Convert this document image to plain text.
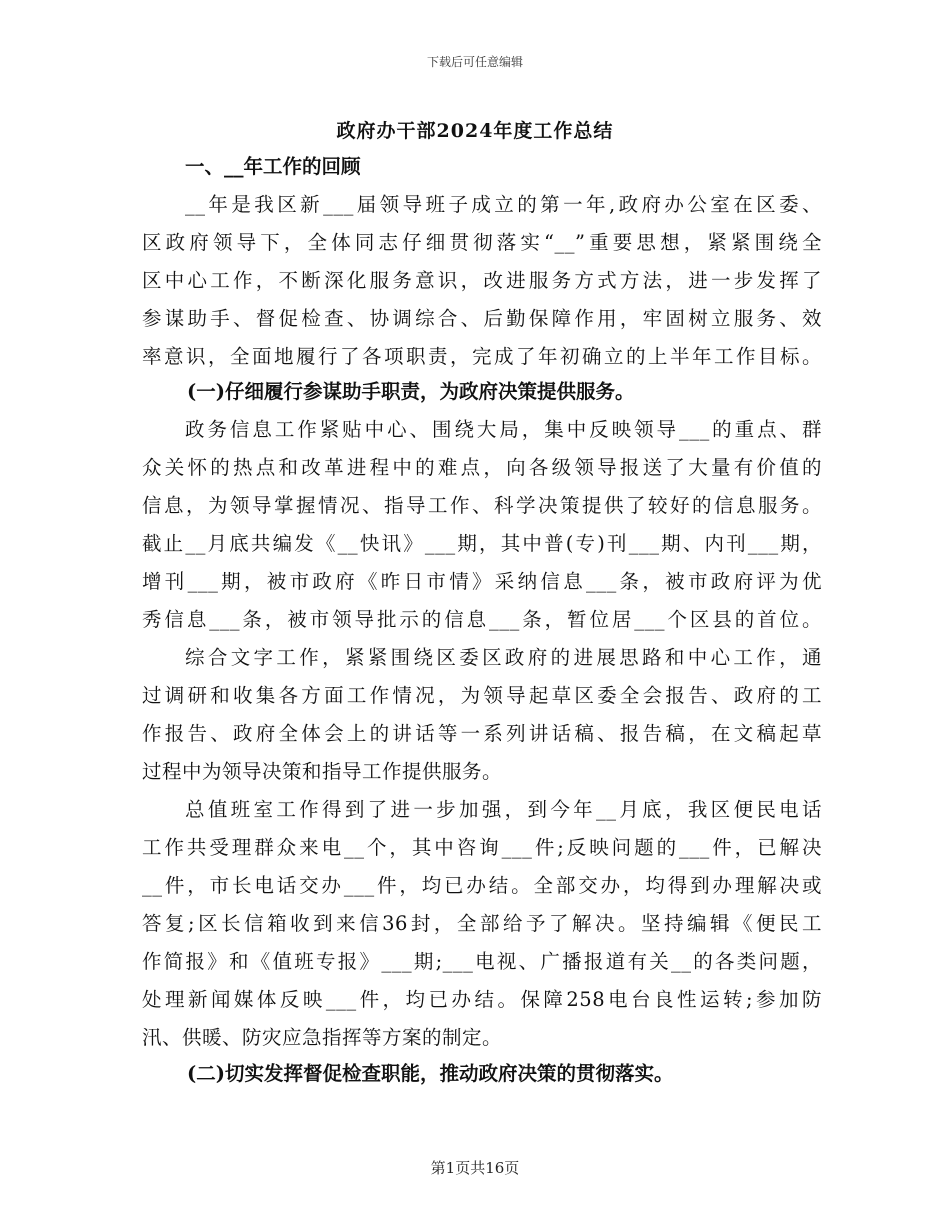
下载后可任意编辑
政府办干部2024年度工作总结
一、__年工作的回顾
__年是我区新___届领导班子成立的第一年,政府办公室在区委、
区政府领导下，全体同志仔细贯彻落实“__”重要思想，紧紧围绕全
区中心工作，不断深化服务意识，改进服务方式方法，进一步发挥了
参谋助手、督促检查、协调综合、后勤保障作用，牢固树立服务、效
率意识，全面地履行了各项职责，完成了年初确立的上半年工作目标。
(一)仔细履行参谋助手职责，为政府决策提供服务。
政务信息工作紧贴中心、围绕大局，集中反映领导___的重点、群
众关怀的热点和改革进程中的难点，向各级领导报送了大量有价值的
信息，为领导掌握情况、指导工作、科学决策提供了较好的信息服务。
截止__月底共编发《__快讯》___期，其中普(专)刊___期、内刊___期，
增刊___期，被市政府《昨日市情》采纳信息___条，被市政府评为优
秀信息___条，被市领导批示的信息___条，暂位居___个区县的首位。
综合文字工作，紧紧围绕区委区政府的进展思路和中心工作，通
过调研和收集各方面工作情况，为领导起草区委全会报告、政府的工
作报告、政府全体会上的讲话等一系列讲话稿、报告稿，在文稿起草
过程中为领导决策和指导工作提供服务。
总值班室工作得到了进一步加强，到今年__月底，我区便民电话
工作共受理群众来电__个，其中咨询___件;反映问题的___件，已解决
__件，市长电话交办___件，均已办结。全部交办，均得到办理解决或
答复;区长信箱收到来信36封，全部给予了解决。坚持编辑《便民工
作简报》和《值班专报》___期;___电视、广播报道有关__的各类问题，
处理新闻媒体反映___件，均已办结。保障258电台良性运转;参加防
汛、供暖、防灾应急指挥等方案的制定。
(二)切实发挥督促检查职能，推动政府决策的贯彻落实。
第1页共16页
